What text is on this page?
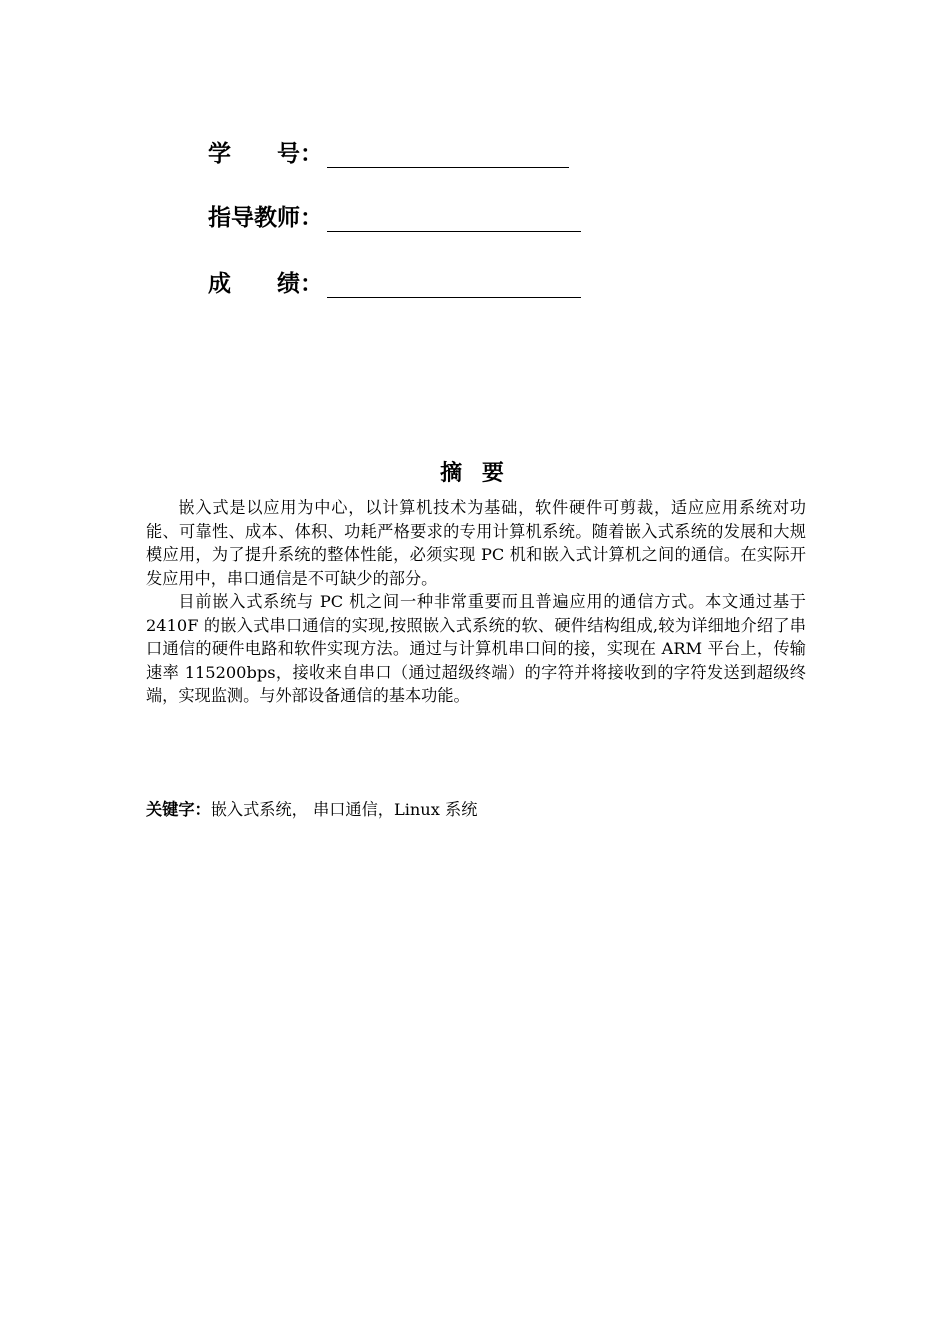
学　　号：
指导教师：
成　　绩：
摘 要

嵌入式是以应用为中心，以计算机技术为基础，软件硬件可剪裁，适应应用系统对功能、可靠性、成本、体积、功耗严格要求的专用计算机系统。随着嵌入式系统的发展和大规模应用，为了提升系统的整体性能，必须实现 PC 机和嵌入式计算机之间的通信。在实际开发应用中，串口通信是不可缺少的部分。

目前嵌入式系统与 PC 机之间一种非常重要而且普遍应用的通信方式。本文通过基于 2410F 的嵌入式串口通信的实现,按照嵌入式系统的软、硬件结构组成,较为详细地介绍了串口通信的硬件电路和软件实现方法。通过与计算机串口间的接，实现在 ARM 平台上，传输速率 115200bps，接收来自串口（通过超级终端）的字符并将接收到的字符发送到超级终端，实现监测。与外部设备通信的基本功能。

关键字：嵌入式系统， 串口通信，Linux 系统
